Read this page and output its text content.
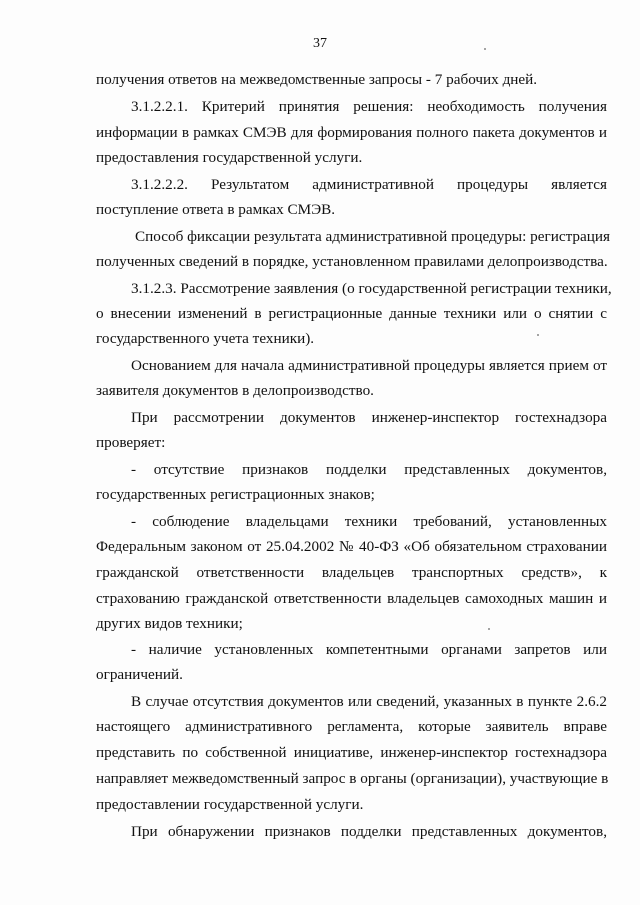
37
получения ответов на межведомственные запросы - 7 рабочих дней.
3.1.2.2.1. Критерий принятия решения: необходимость получения
информации в рамках СМЭВ для формирования полного пакета документов и
предоставления государственной услуги.
3.1.2.2.2. Результатом административной процедуры является
поступление ответа в рамках СМЭВ.
Способ фиксации результата административной процедуры: регистрация
полученных сведений в порядке, установленном правилами делопроизводства.
3.1.2.3. Рассмотрение заявления (о государственной регистрации техники,
о внесении изменений в регистрационные данные техники или о снятии с
государственного учета техники).
Основанием для начала административной процедуры является прием от
заявителя документов в делопроизводство.
При рассмотрении документов инженер-инспектор гостехнадзора
проверяет:
- отсутствие признаков подделки представленных документов,
государственных регистрационных знаков;
- соблюдение владельцами техники требований, установленных
Федеральным законом от 25.04.2002 № 40-ФЗ «Об обязательном страховании
гражданской ответственности владельцев транспортных средств», к
страхованию гражданской ответственности владельцев самоходных машин и
других видов техники;
- наличие установленных компетентными органами запретов или
ограничений.
В случае отсутствия документов или сведений, указанных в пункте 2.6.2
настоящего административного регламента, которые заявитель вправе
представить по собственной инициативе, инженер-инспектор гостехнадзора
направляет межведомственный запрос в органы (организации), участвующие в
предоставлении государственной услуги.
При обнаружении признаков подделки представленных документов,
